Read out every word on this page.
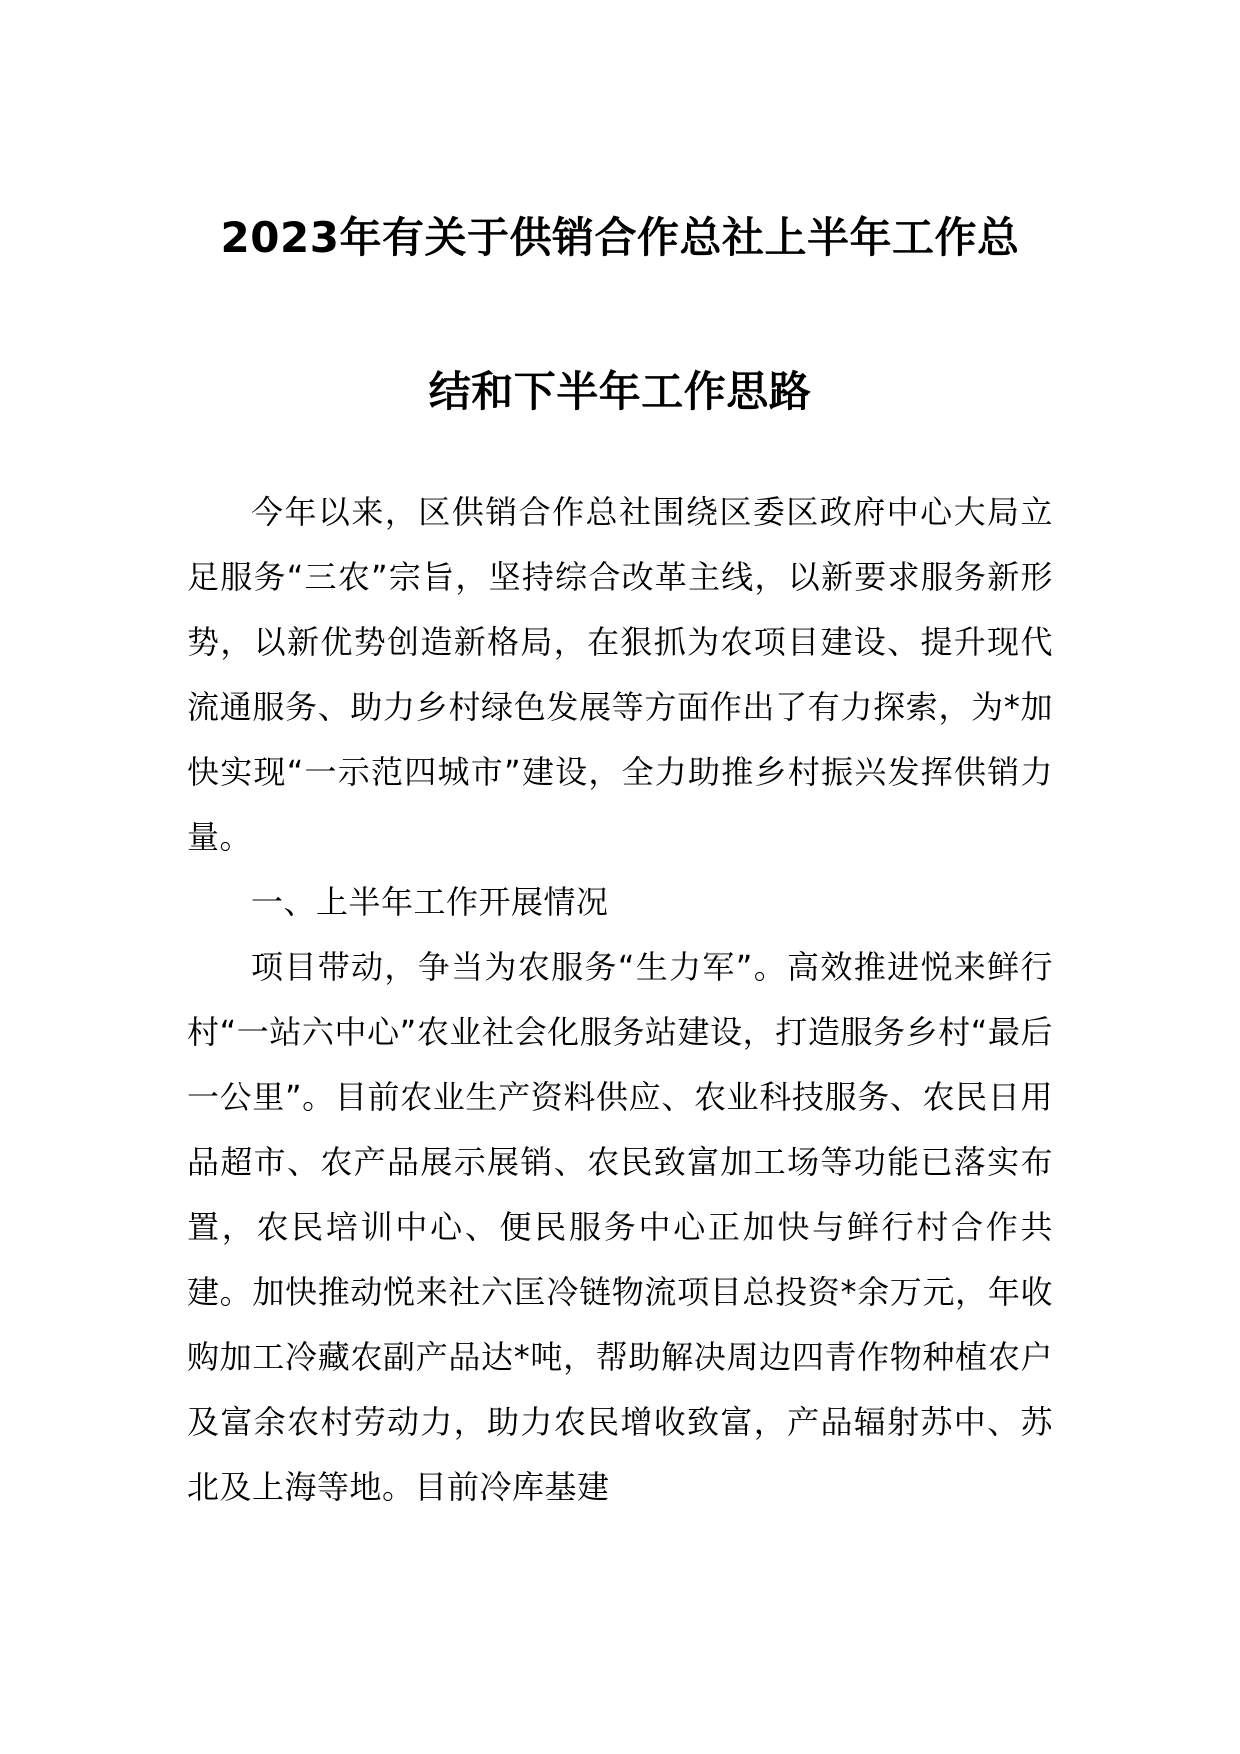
2023年有关于供销合作总社上半年工作总
结和下半年工作思路

今年以来，区供销合作总社围绕区委区政府中心大局立足服务“三农”宗旨，坚持综合改革主线，以新要求服务新形势，以新优势创造新格局，在狠抓为农项目建设、提升现代流通服务、助力乡村绿色发展等方面作出了有力探索，为*加快实现“一示范四城市”建设，全力助推乡村振兴发挥供销力量。

一、上半年工作开展情况

项目带动，争当为农服务“生力军”。高效推进悦来鲜行村“一站六中心”农业社会化服务站建设，打造服务乡村“最后一公里”。目前农业生产资料供应、农业科技服务、农民日用品超市、农产品展示展销、农民致富加工场等功能已落实布置，农民培训中心、便民服务中心正加快与鲜行村合作共建。加快推动悦来社六匡冷链物流项目总投资*余万元，年收购加工冷藏农副产品达*吨，帮助解决周边四青作物种植农户及富余农村劳动力，助力农民增收致富，产品辐射苏中、苏北及上海等地。目前冷库基建
